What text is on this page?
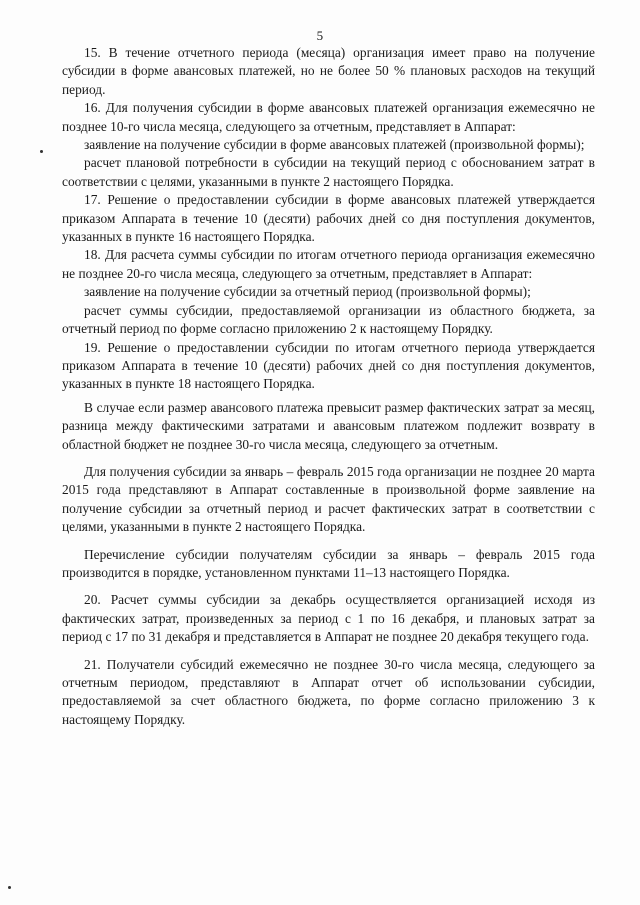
5

15. В течение отчетного периода (месяца) организация имеет право на получение субсидии в форме авансовых платежей, но не более 50 % плановых расходов на текущий период.

16. Для получения субсидии в форме авансовых платежей организация ежемесячно не позднее 10-го числа месяца, следующего за отчетным, представляет в Аппарат:

заявление на получение субсидии в форме авансовых платежей (произвольной формы);

расчет плановой потребности в субсидии на текущий период с обоснованием затрат в соответствии с целями, указанными в пункте 2 настоящего Порядка.

17. Решение о предоставлении субсидии в форме авансовых платежей утверждается приказом Аппарата в течение 10 (десяти) рабочих дней со дня поступления документов, указанных в пункте 16 настоящего Порядка.

18. Для расчета суммы субсидии по итогам отчетного периода организация ежемесячно не позднее 20-го числа месяца, следующего за отчетным, представляет в Аппарат:

заявление на получение субсидии за отчетный период (произвольной формы);

расчет суммы субсидии, предоставляемой организации из областного бюджета, за отчетный период по форме согласно приложению 2 к настоящему Порядку.

19. Решение о предоставлении субсидии по итогам отчетного периода утверждается приказом Аппарата в течение 10 (десяти) рабочих дней со дня поступления документов, указанных в пункте 18 настоящего Порядка.

В случае если размер авансового платежа превысит размер фактических затрат за месяц, разница между фактическими затратами и авансовым платежом подлежит возврату в областной бюджет не позднее 30-го числа месяца, следующего за отчетным.

Для получения субсидии за январь – февраль 2015 года организации не позднее 20 марта 2015 года представляют в Аппарат составленные в произвольной форме заявление на получение субсидии за отчетный период и расчет фактических затрат в соответствии с целями, указанными в пункте 2 настоящего Порядка.

Перечисление субсидии получателям субсидии за январь – февраль 2015 года производится в порядке, установленном пунктами 11–13 настоящего Порядка.

20. Расчет суммы субсидии за декабрь осуществляется организацией исходя из фактических затрат, произведенных за период с 1 по 16 декабря, и плановых затрат за период с 17 по 31 декабря и представляется в Аппарат не позднее 20 декабря текущего года.

21. Получатели субсидий ежемесячно не позднее 30-го числа месяца, следующего за отчетным периодом, представляют в Аппарат отчет об использовании субсидии, предоставляемой за счет областного бюджета, по форме согласно приложению 3 к настоящему Порядку.
